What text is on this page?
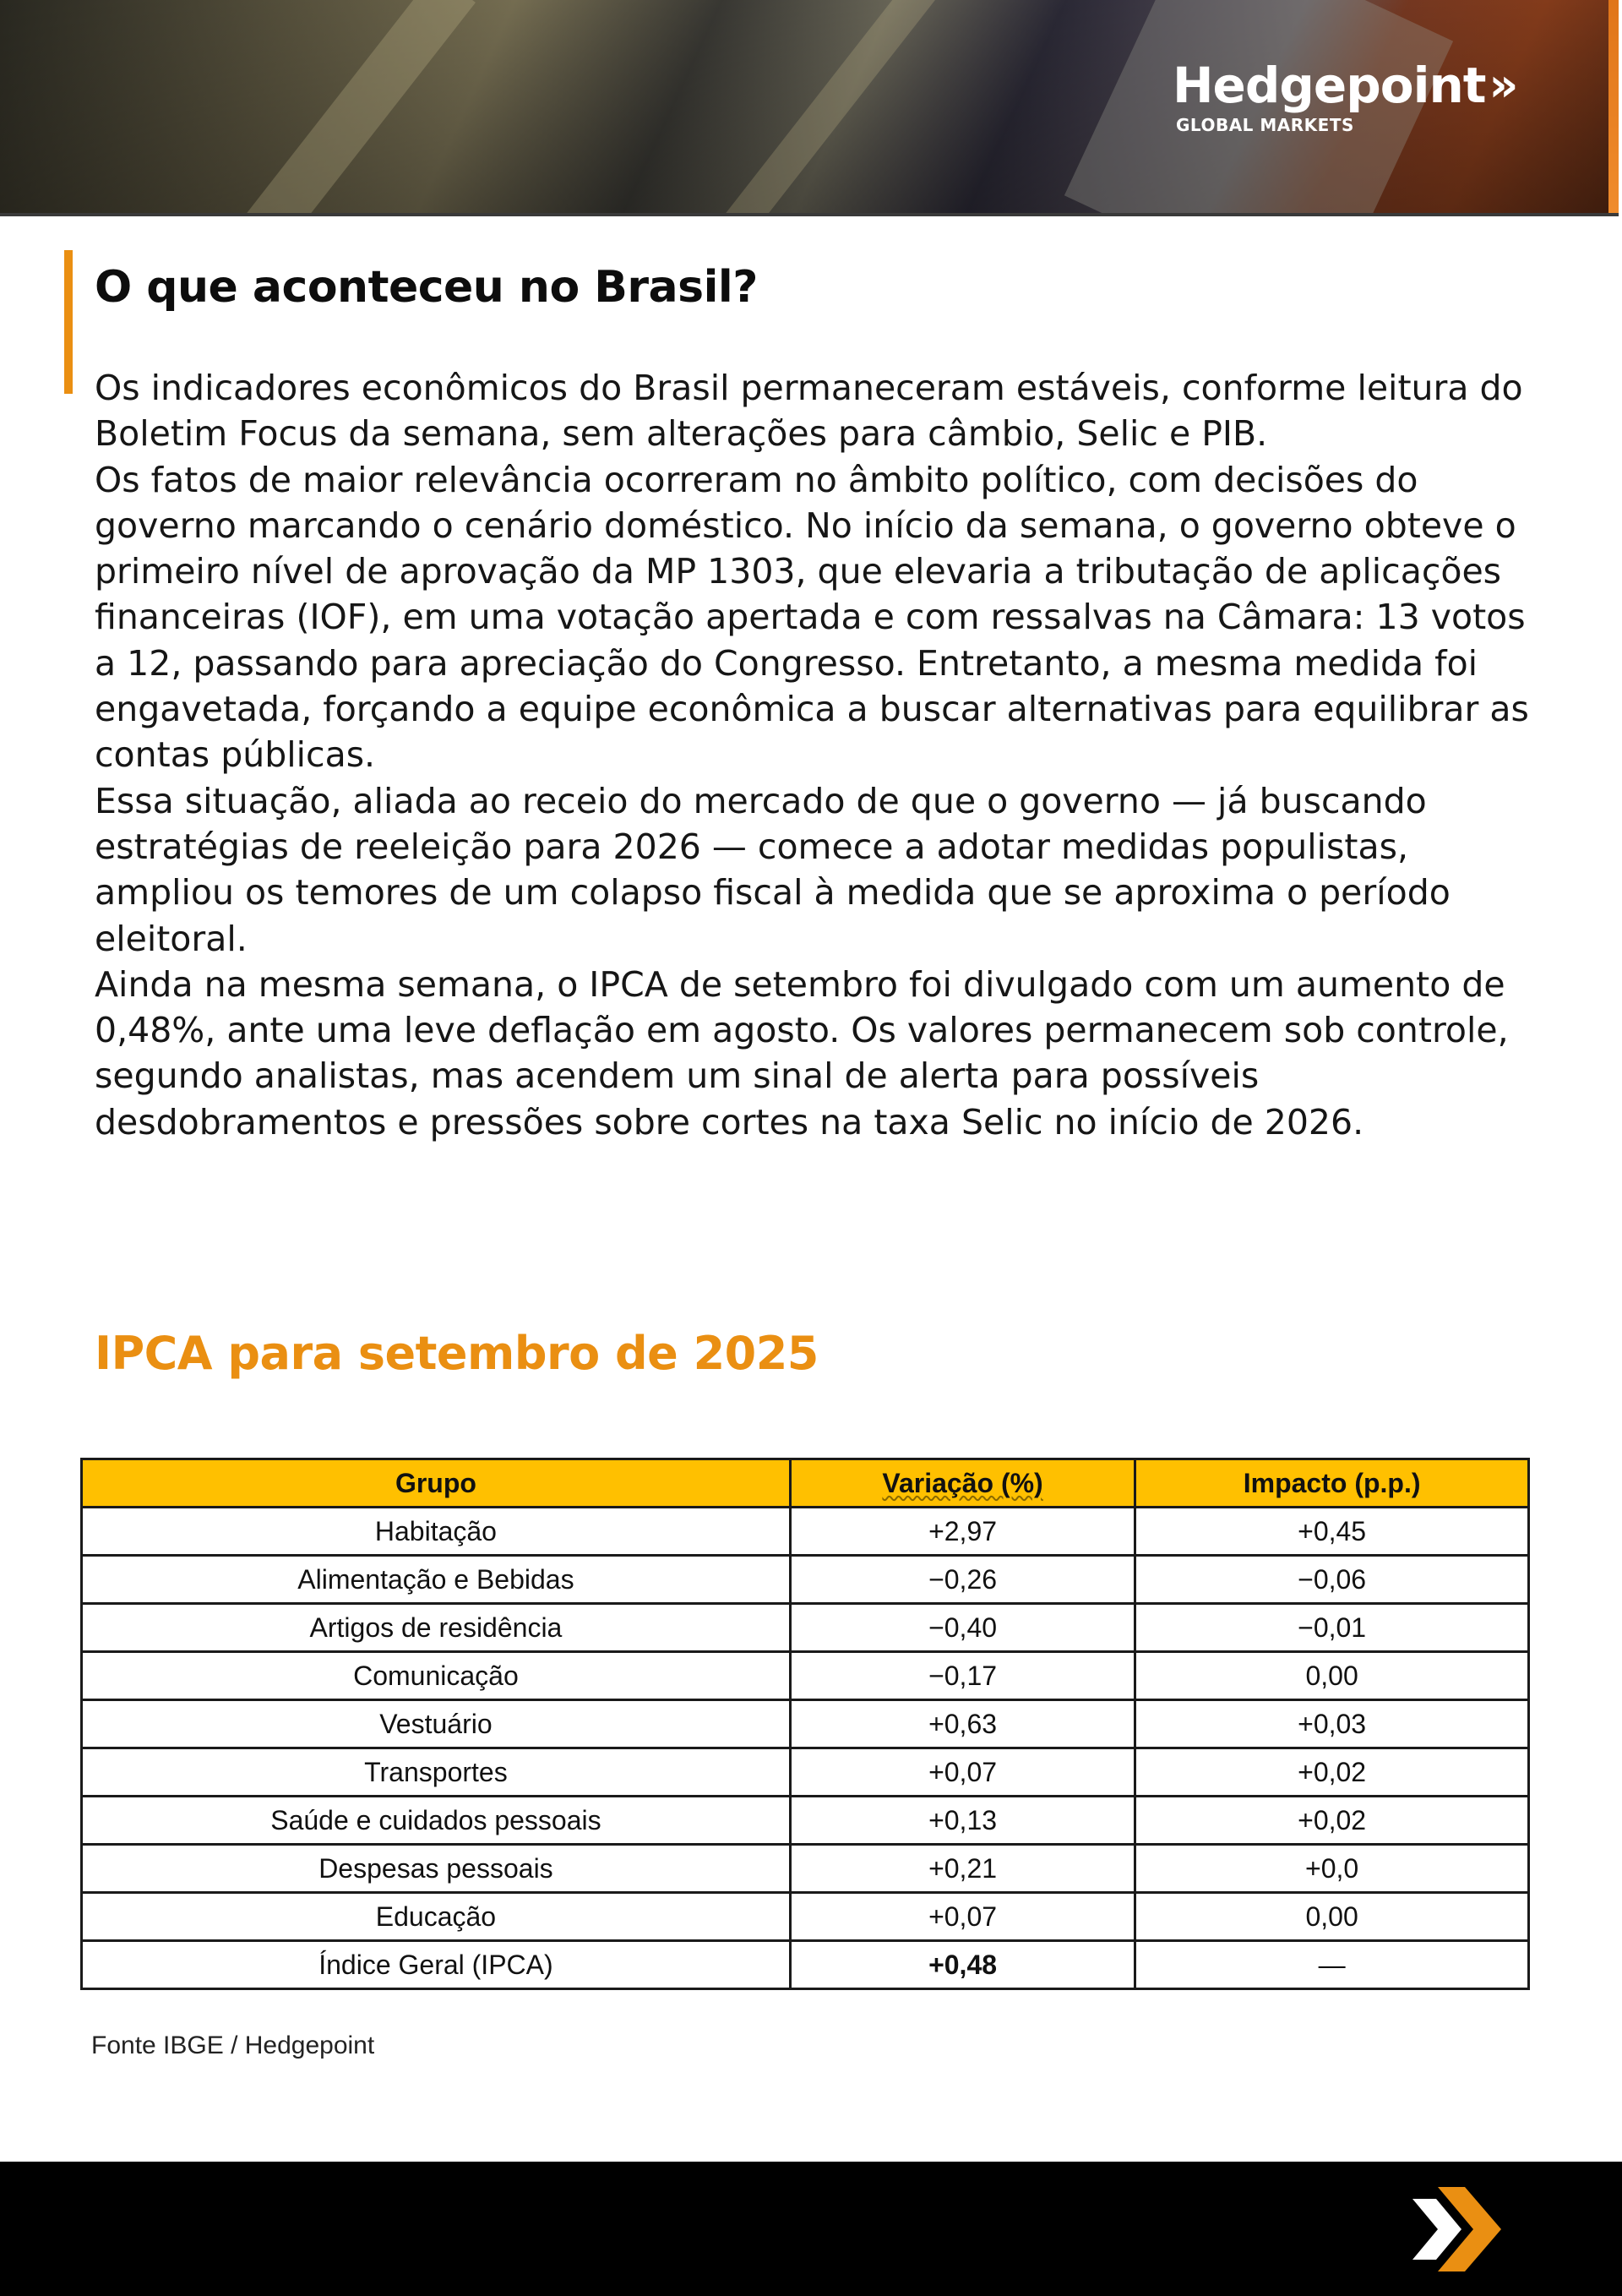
Hedgepoint »
GLOBAL MARKETS
O que aconteceu no Brasil?

Os indicadores econômicos do Brasil permaneceram estáveis, conforme leitura do Boletim Focus da semana, sem alterações para câmbio, Selic e PIB.

Os fatos de maior relevância ocorreram no âmbito político, com decisões do governo marcando o cenário doméstico. No início da semana, o governo obteve o primeiro nível de aprovação da MP 1303, que elevaria a tributação de aplicações financeiras (IOF), em uma votação apertada e com ressalvas na Câmara: 13 votos a 12, passando para apreciação do Congresso. Entretanto, a mesma medida foi engavetada, forçando a equipe econômica a buscar alternativas para equilibrar as contas públicas.

Essa situação, aliada ao receio do mercado de que o governo — já buscando estratégias de reeleição para 2026 — comece a adotar medidas populistas, ampliou os temores de um colapso fiscal à medida que se aproxima o período eleitoral.

Ainda na mesma semana, o IPCA de setembro foi divulgado com um aumento de 0,48%, ante uma leve deflação em agosto. Os valores permanecem sob controle, segundo analistas, mas acendem um sinal de alerta para possíveis desdobramentos e pressões sobre cortes na taxa Selic no início de 2026.

IPCA para setembro de 2025
Grupo	Variação (%)	Impacto (p.p.)
Habitação	+2,97	+0,45
Alimentação e Bebidas	−0,26	−0,06
Artigos de residência	−0,40	−0,01
Comunicação	−0,17	0,00
Vestuário	+0,63	+0,03
Transportes	+0,07	+0,02
Saúde e cuidados pessoais	+0,13	+0,02
Despesas pessoais	+0,21	+0,0
Educação	+0,07	0,00
Índice Geral (IPCA)	+0,48	—
Fonte IBGE / Hedgepoint
